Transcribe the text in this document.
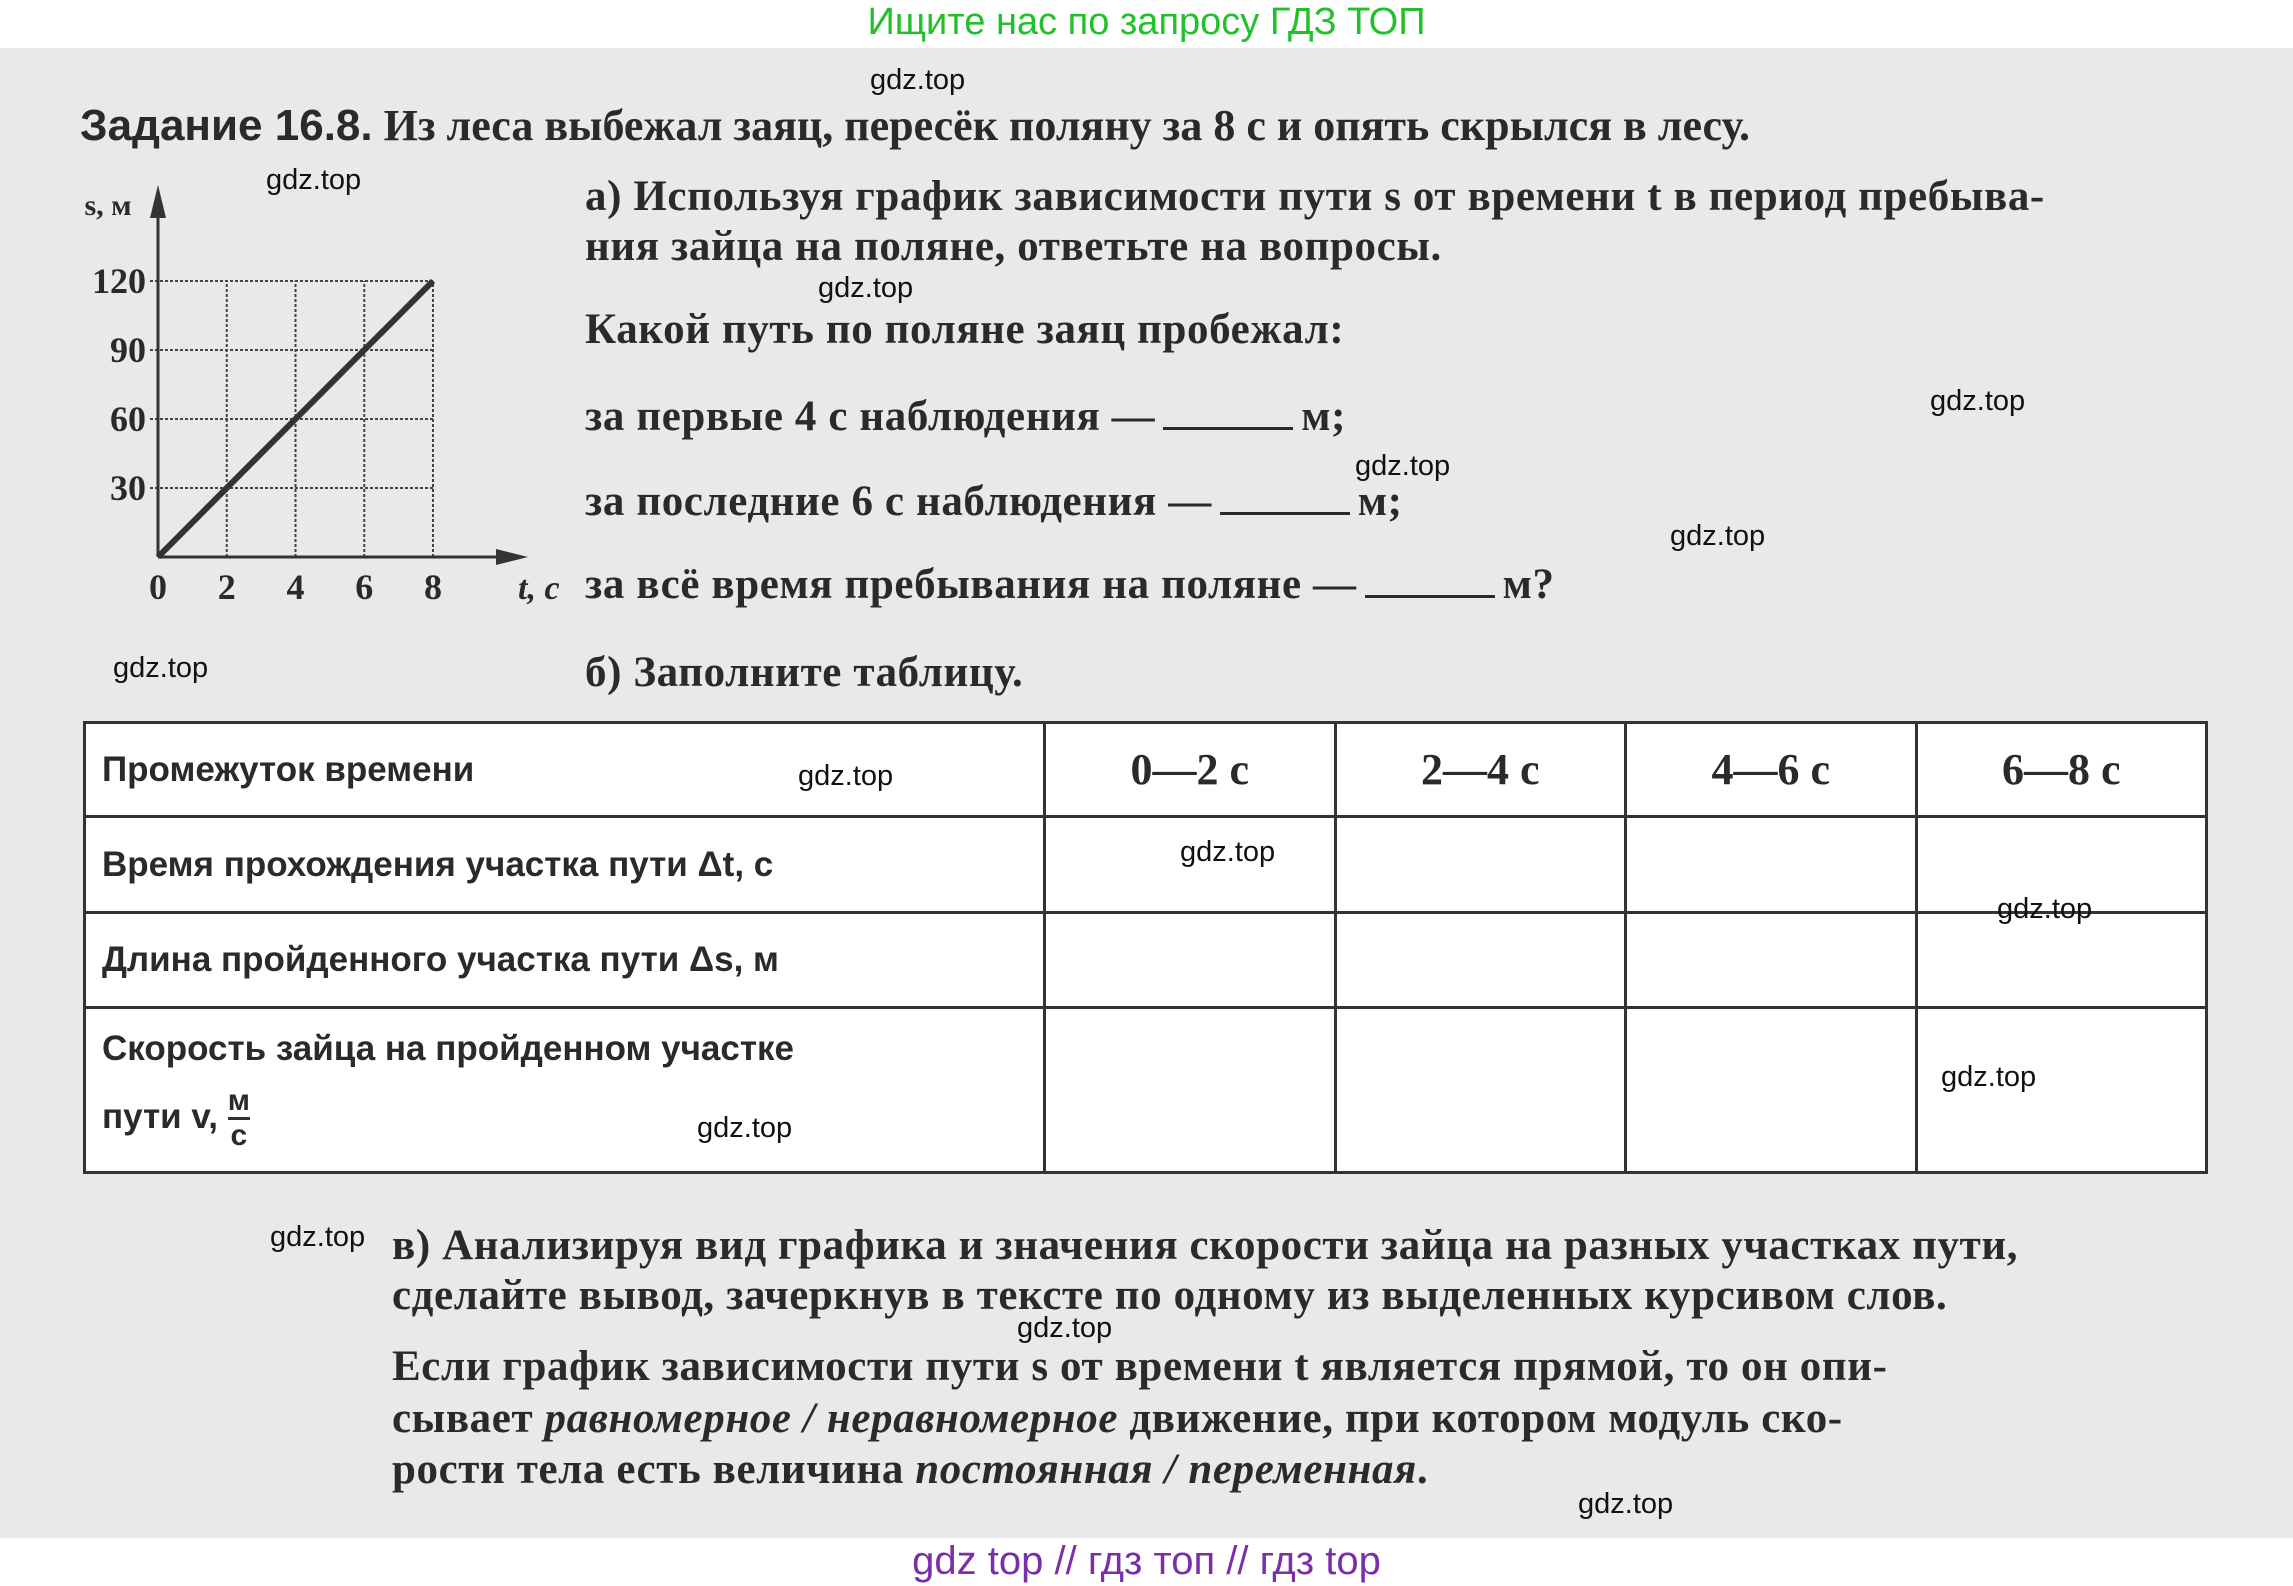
Ищите нас по запросу ГДЗ ТОП
Задание 16.8. Из леса выбежал заяц, пересёк поляну за 8 с и опять скрылся в лесу.
0 2 4 6 8
30
60
90
120
t, с
s, м	а) Используя график зависимости пути s от времени t в период пребыва-
ния зайца на поляне, ответьте на вопросы.
Какой путь по поляне заяц пробежал:
за первые 4 с наблюдения —	м;
за последние 6 с наблюдения —	м;
за всё время пребывания на поляне —	м?
б) Заполните таблицу.
Промежуток времени	0—2 с	2—4 с	4—6 с	6—8 с
Время прохождения участка пути Δt, с				
Длина пройденного участка пути Δs, м				

Скорость зайца на пройденном участке
пути v, $\frac{м}{с}$

в) Анализируя вид графика и значения скорости зайца на разных участках пути,
сделайте вывод, зачеркнув в тексте по одному из выделенных курсивом слов.
Если график зависимости пути s от времени t является прямой, то он опи-
сывает равномерное / неравномерное движение, при котором модуль ско-
рости тела есть величина постоянная / переменная.
gdz.top
gdz.top
gdz.top
gdz.top
gdz.top
gdz.top
gdz.top
gdz.top
gdz.top
gdz.top
gdz.top
gdz.top
gdz.top
gdz.top
gdz.top
gdz top // гдз топ // гдз top
